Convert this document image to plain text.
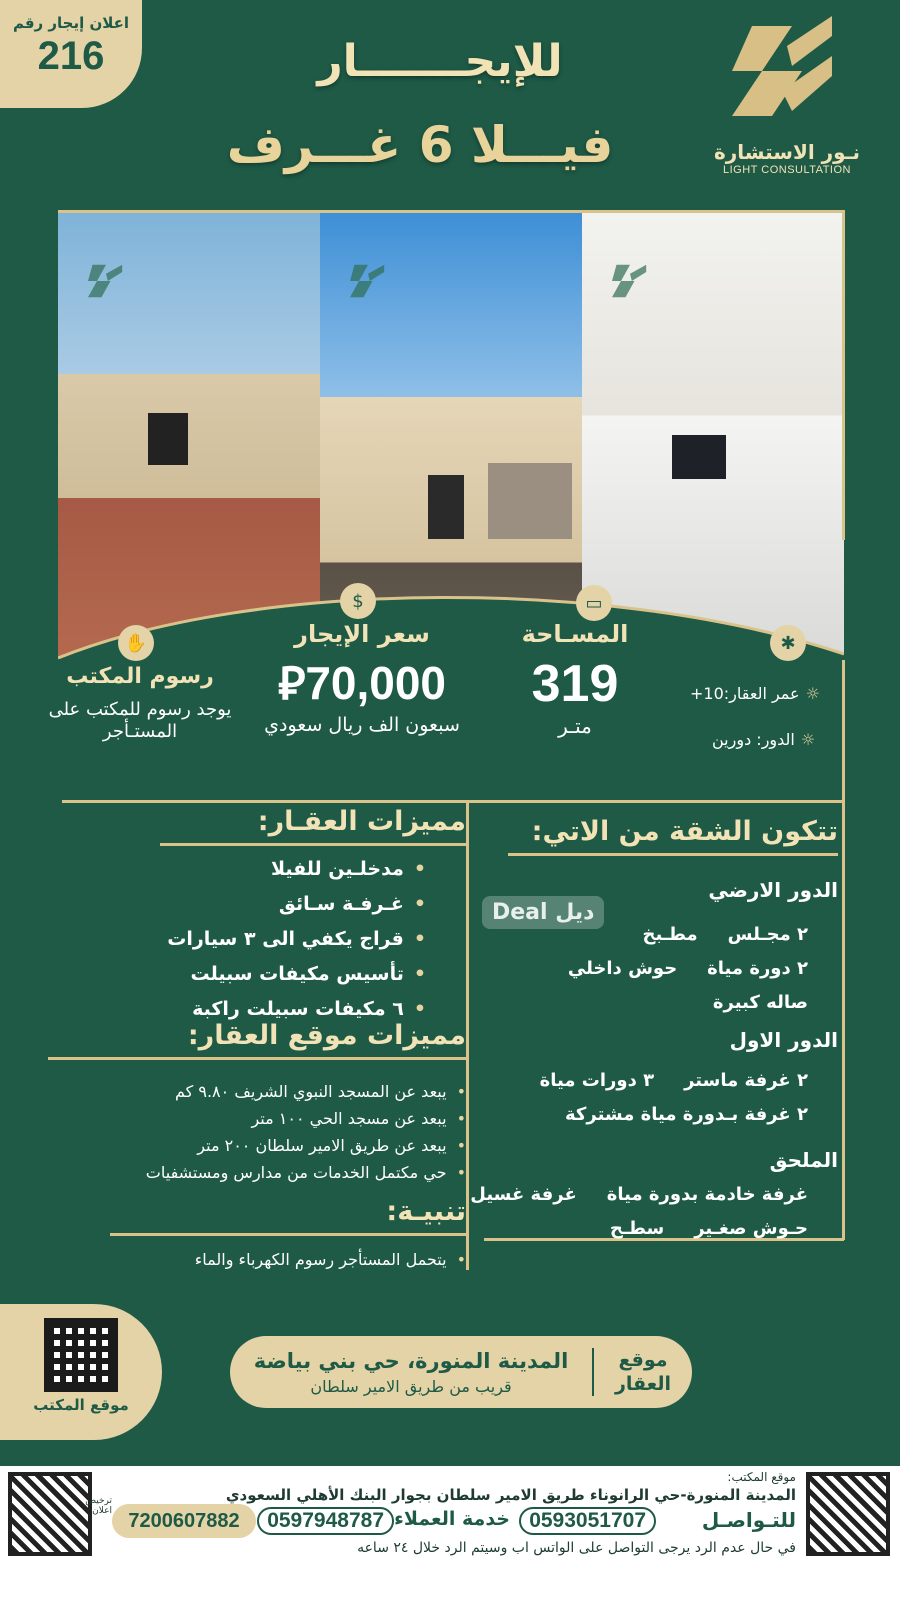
اعلان إيجار رقم
216	للإيجـــــــار
فيـــلا 6 غـــرف	نـور الاستشارة
LIGHT CONSULTATION
▭
$
✱
✋	المسـاحة
319
متـر
سعر الإيجار
⃁70,000
سبعون الف ريال سعودي
رسوم المكتب
يوجد رسوم للمكتب على المستـأجر
☼
عمر العقار:10+
☼
الدور: دورين
تتكون الشقة من الاتي:
الدور الارضي
٢ مجـلس
مطـبخ
٢ دورة مياة
حوش داخلي
صاله كبيرة
الدور الاول
٢ غرفة ماستر
٣ دورات مياة
٢ غرفة بـدورة مياة مشتركة
الملحق
غرفة خادمة بدورة مياة
غرفة غسيل
حـوش صغـير
سطـح
ديل Deal
مميزات العقـار:
• مدخلـين للفيلا
• غـرفـة سـائق
• قراج يكفي الى ٣ سيارات
• تأسيس مكيفات سبيلت
• ٦ مكيفات سبيلت راكبة
مميزات موقع العقار:
• يبعد عن المسجد النبوي الشريف ٩.٨٠ كم
• يبعد عن مسجد الحي ١٠٠ متر
• يبعد عن طريق الامير سلطان ٢٠٠ متر
• حي مكتمل الخدمات من مدارس ومستشفيات
تنبيـة:
• يتحمل المستأجر رسوم الكهرباء والماء
موقع المكتب
موقع العقار
المدينة المنورة، حي بني بياضة
قريب من طريق الامير سلطان
موقع المكتب:
المدينة المنورة-حي الرانوناء طريق الامير سلطان بجوار البنك الأهلي السعودي
للتـواصـل
0593051707
خدمة العملاء
0597948787
ترخيص اعلان 7200607882
في حال عدم الرد يرجى التواصل على الواتس اب وسيتم الرد خلال ٢٤ ساعه
